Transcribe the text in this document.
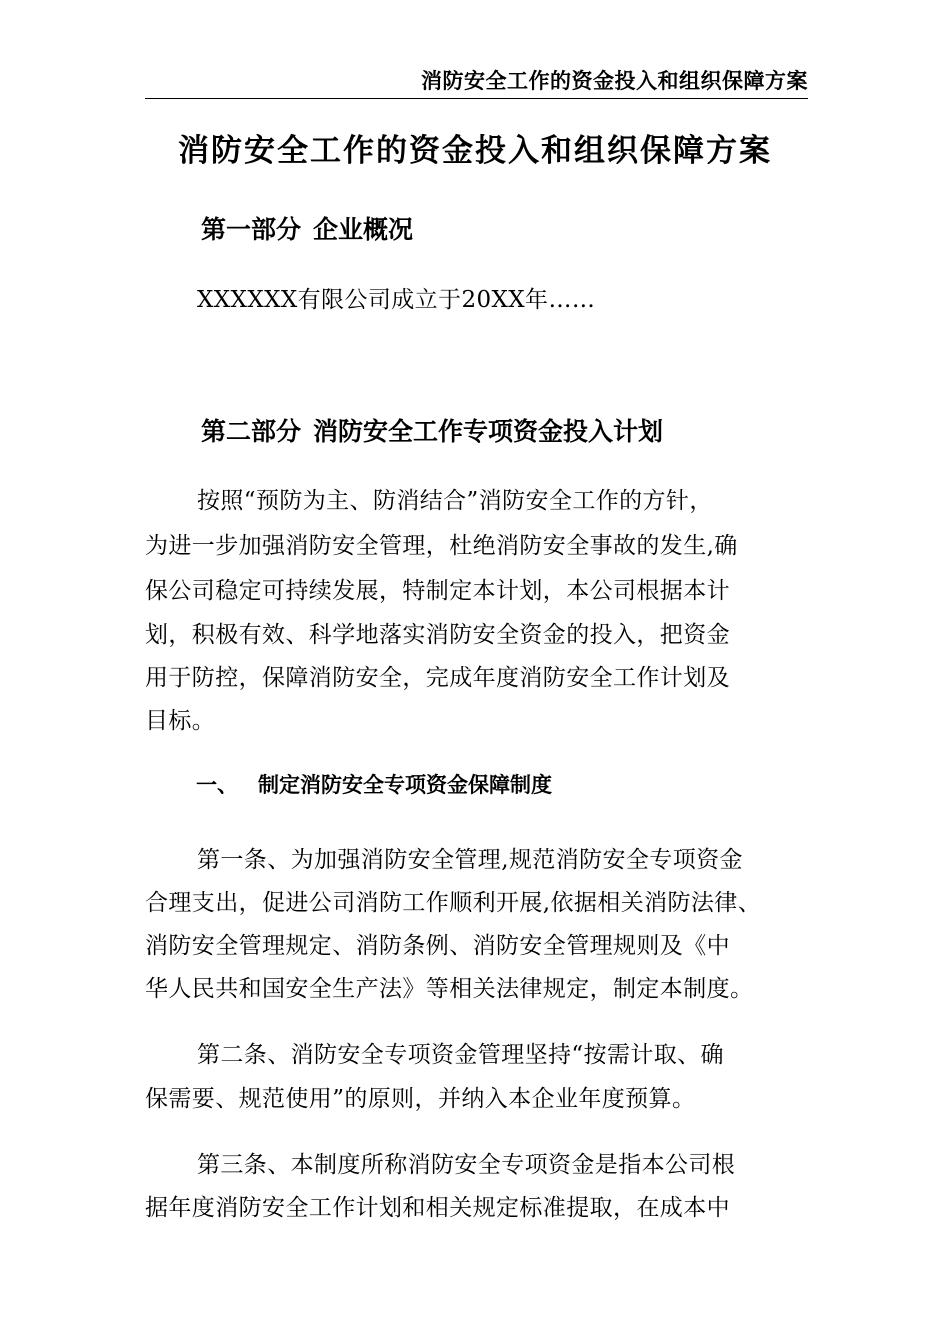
消防安全工作的资金投入和组织保障方案
消防安全工作的资金投入和组织保障方案
第一部分 企业概况
XXXXXX有限公司成立于20XX年……
第二部分 消防安全工作专项资金投入计划
按照“预防为主、防消结合”消防安全工作的方针，
为进一步加强消防安全管理，杜绝消防安全事故的发生,确
保公司稳定可持续发展，特制定本计划，本公司根据本计
划，积极有效、科学地落实消防安全资金的投入，把资金
用于防控，保障消防安全，完成年度消防安全工作计划及
目标。
一、 制定消防安全专项资金保障制度
第一条、为加强消防安全管理,规范消防安全专项资金
合理支出，促进公司消防工作顺利开展,依据相关消防法律、
消防安全管理规定、消防条例、消防安全管理规则及《中
华人民共和国安全生产法》等相关法律规定，制定本制度。
第二条、消防安全专项资金管理坚持“按需计取、确
保需要、规范使用”的原则，并纳入本企业年度预算。
第三条、本制度所称消防安全专项资金是指本公司根
据年度消防安全工作计划和相关规定标准提取，在成本中
